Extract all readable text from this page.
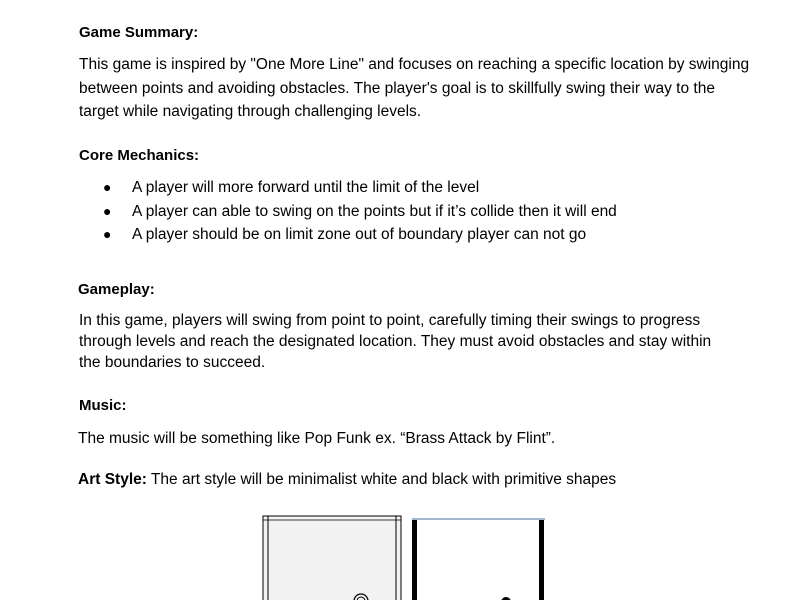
Game Summary:
This game is inspired by "One More Line" and focuses on reaching a specific location by swinging
between points and avoiding obstacles. The player's goal is to skillfully swing their way to the
target while navigating through challenging levels.
Core Mechanics:
● A player will more forward until the limit of the level
● A player can able to swing on the points but if it’s collide then it will end
● A player should be on limit zone out of boundary player can not go
Gameplay:
In this game, players will swing from point to point, carefully timing their swings to progress
through levels and reach the designated location. They must avoid obstacles and stay within
the boundaries to succeed.
Music:
The music will be something like Pop Funk ex. “Brass Attack by Flint”.
Art Style: The art style will be minimalist white and black with primitive shapes
